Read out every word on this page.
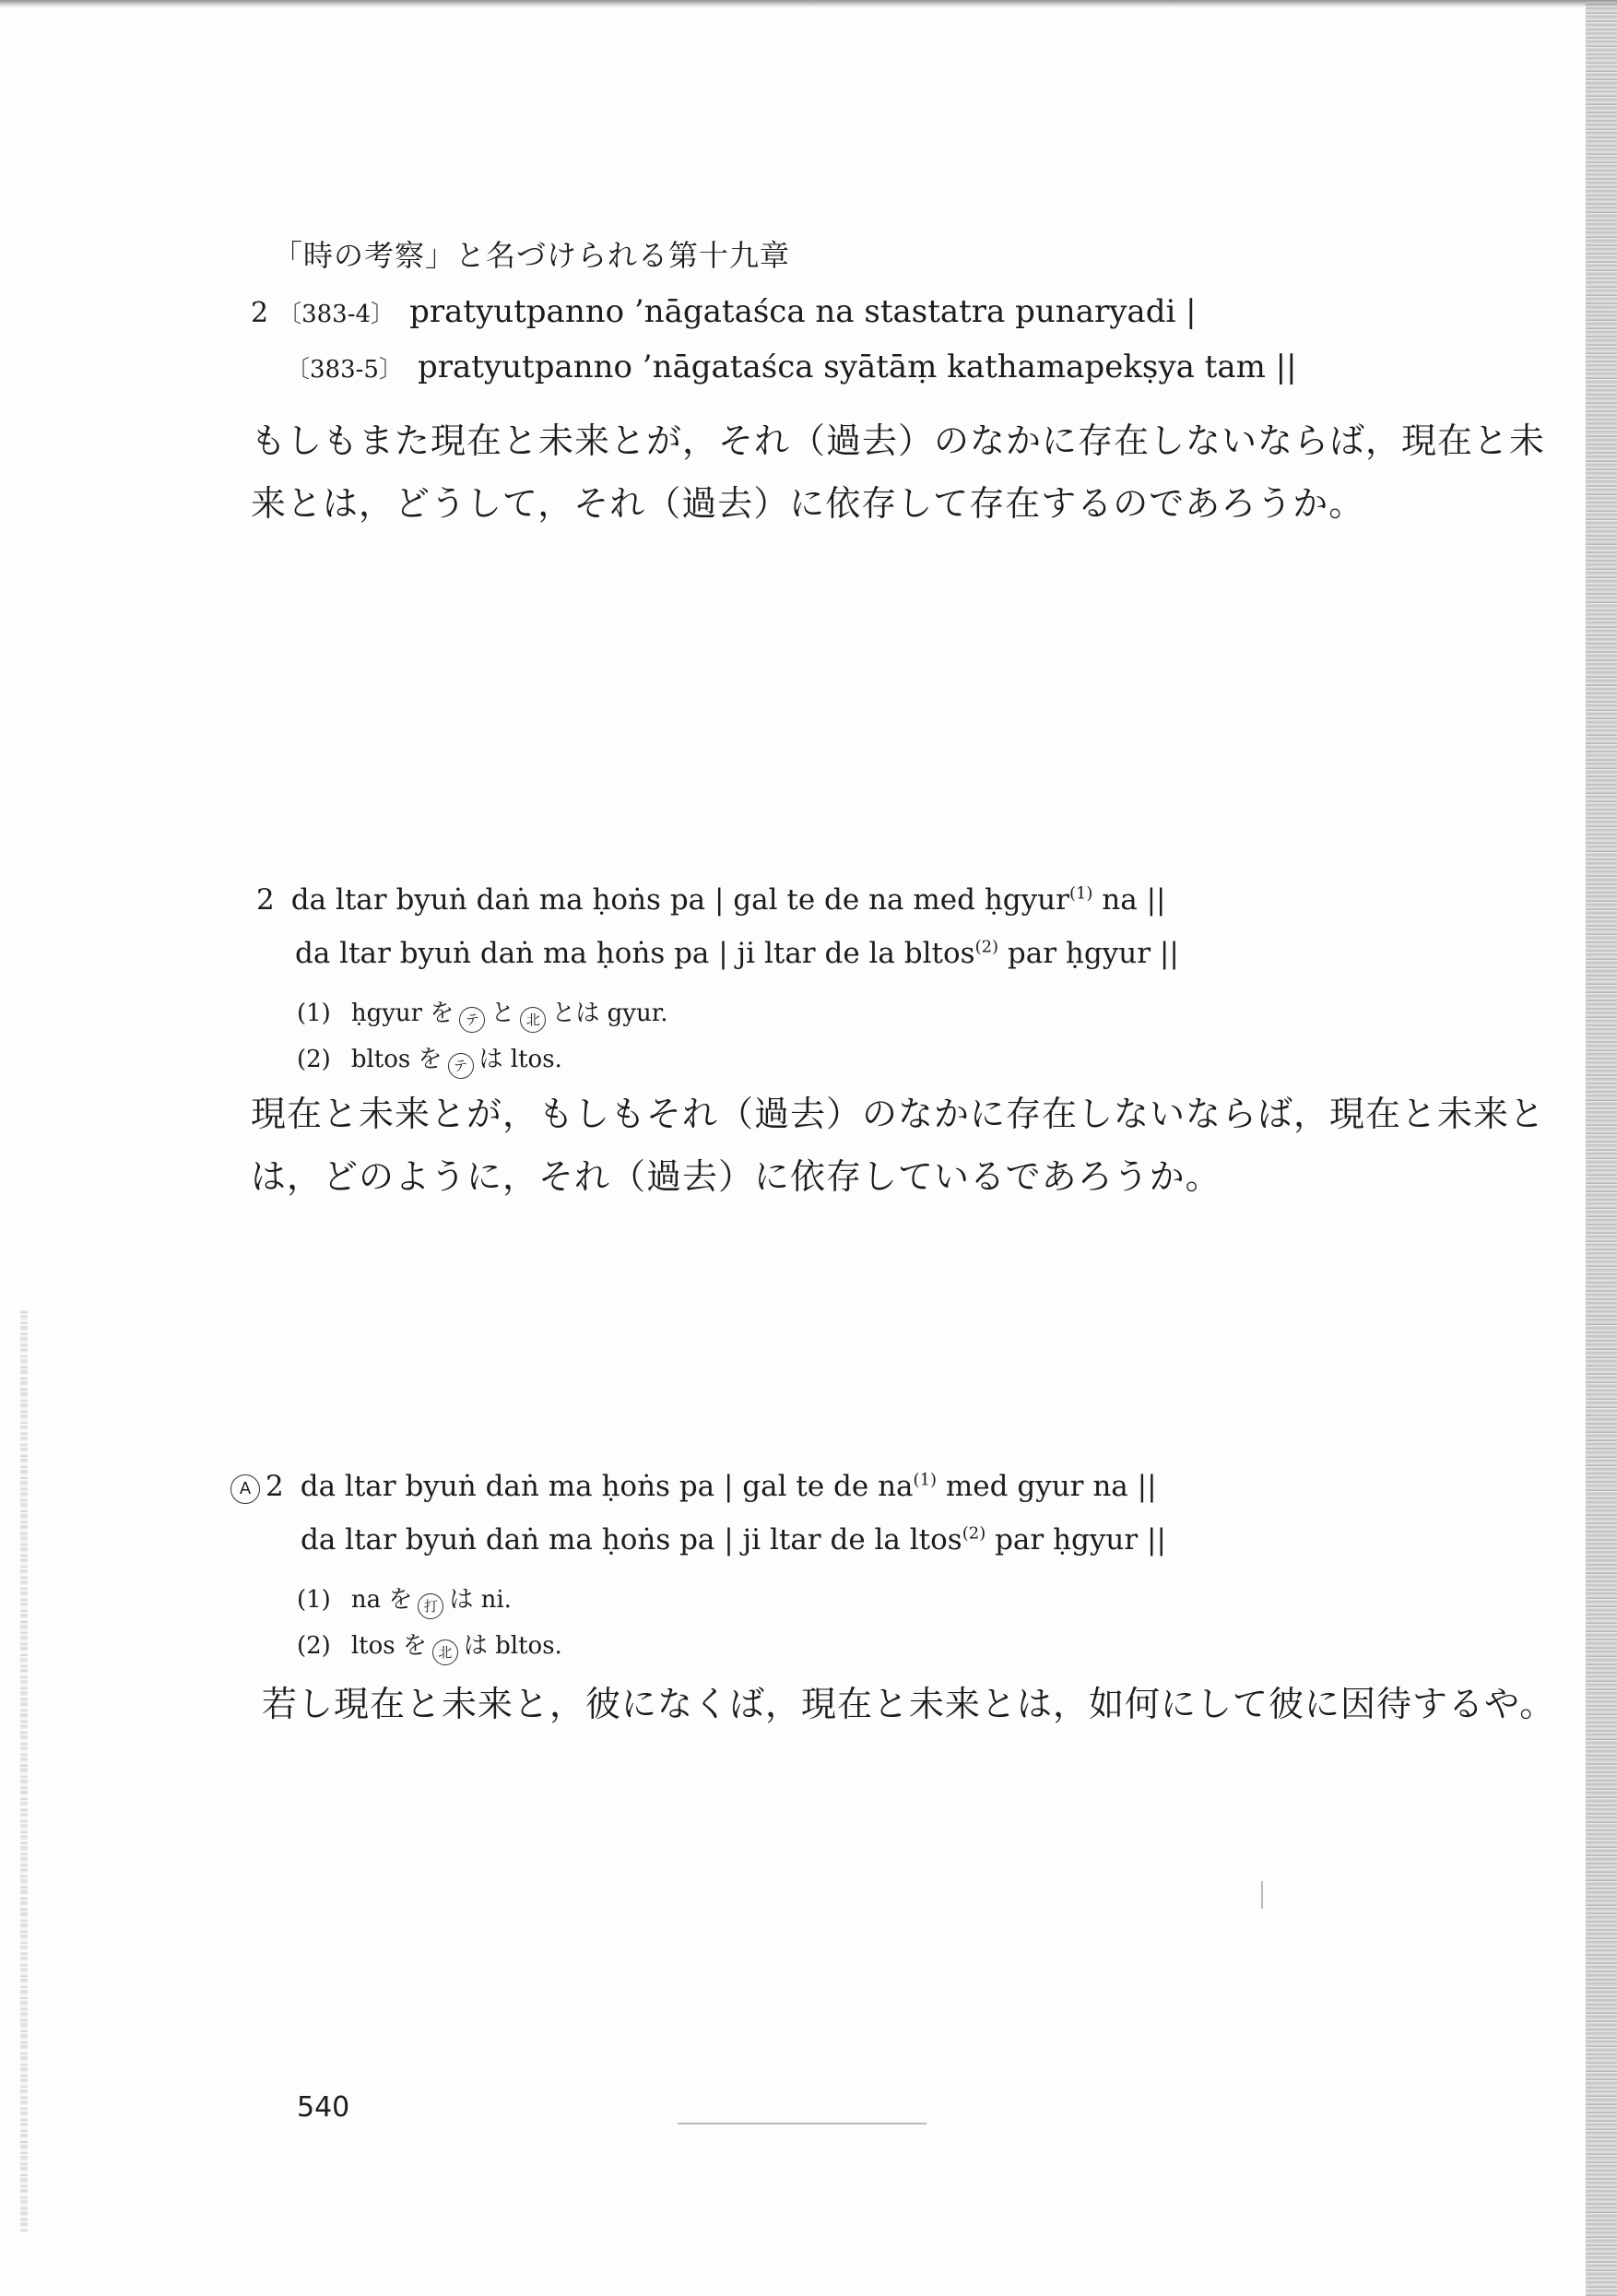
「時の考察」と名づけられる第十九章
2 〔383-4〕 pratyutpanno ’nāgataśca na stastatra punaryadi |
〔383-5〕 pratyutpanno ’nāgataśca syātāṃ kathamapekṣya tam ||
もしもまた現在と未来とが，それ（過去）のなかに存在しないならば，現在と未
来とは，どうして，それ（過去）に依存して存在するのであろうか。
2 da ltar byuṅ daṅ ma ḥoṅs pa | gal te de na med ḥgyur$^{(1)}$ na ||
da ltar byuṅ daṅ ma ḥoṅs pa | ji ltar de la bltos$^{(2)}$ par ḥgyur ||
(1) ḥgyur を テ と 北 とは gyur.
(2) bltos を テ は ltos.
現在と未来とが，もしもそれ（過去）のなかに存在しないならば，現在と未来と
は，どのように，それ（過去）に依存しているであろうか。
A 2 da ltar byuṅ daṅ ma ḥoṅs pa | gal te de $na^{(1)}$ med gyur na ||
da ltar byuṅ daṅ ma ḥoṅs pa | ji ltar de la ltos$^{(2)}$ par ḥgyur ||
(1) na を 打 は ni.
(2) ltos を 北 は bltos.
若し現在と未来と，彼になくば，現在と未来とは，如何にして彼に因待するや。
540
